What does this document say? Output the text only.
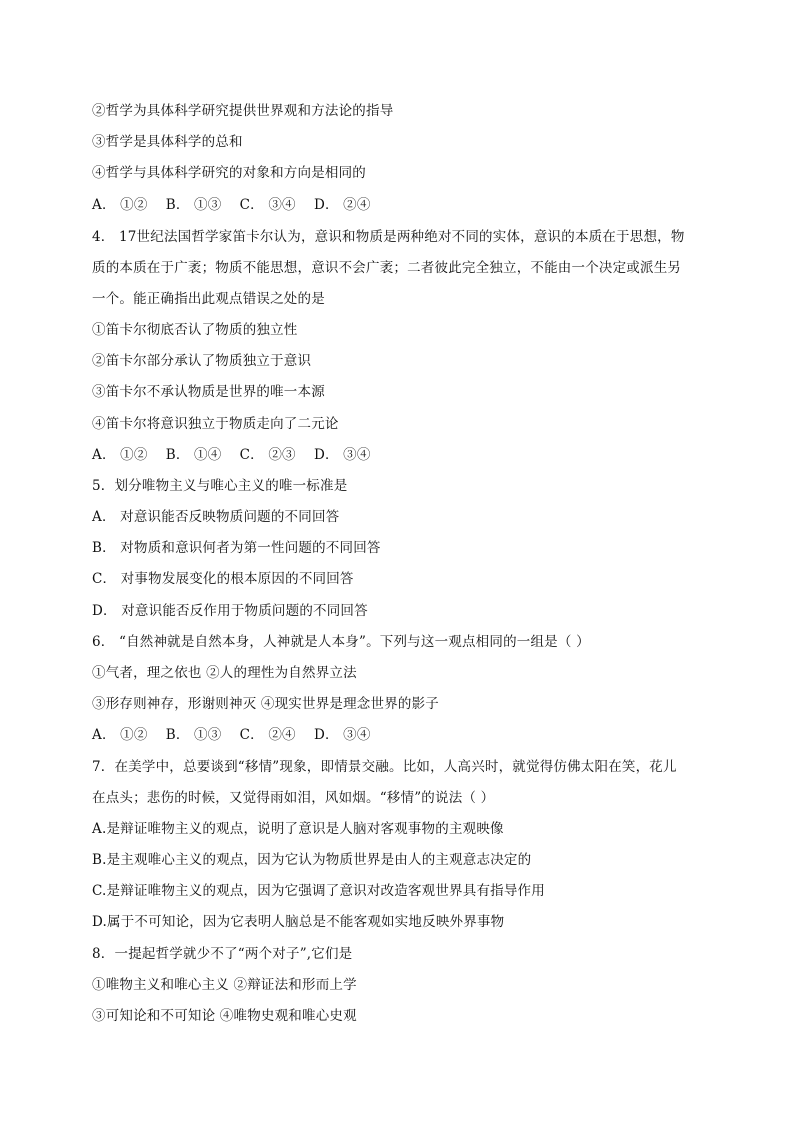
②哲学为具体科学研究提供世界观和方法论的指导
③哲学是具体科学的总和
④哲学与具体科学研究的对象和方向是相同的
A． ①②　 B． ①③　 C． ③④　 D． ②④
4． 17世纪法国哲学家笛卡尔认为，意识和物质是两种绝对不同的实体，意识的本质在于思想，物
质的本质在于广袤；物质不能思想，意识不会广袤；二者彼此完全独立，不能由一个决定或派生另
一个。能正确指出此观点错误之处的是
①笛卡尔彻底否认了物质的独立性
②笛卡尔部分承认了物质独立于意识
③笛卡尔不承认物质是世界的唯一本源
④笛卡尔将意识独立于物质走向了二元论
A． ①②　 B． ①④　 C． ②③　 D． ③④
5．划分唯物主义与唯心主义的唯一标准是
A． 对意识能否反映物质问题的不同回答
B． 对物质和意识何者为第一性问题的不同回答
C． 对事物发展变化的根本原因的不同回答
D． 对意识能否反作用于物质问题的不同回答
6． “自然神就是自然本身，人神就是人本身”。下列与这一观点相同的一组是（ ）
①气者，理之依也 ②人的理性为自然界立法
③形存则神存，形谢则神灭 ④现实世界是理念世界的影子
A． ①②　 B． ①③　 C． ②④　 D． ③④
7．在美学中，总要谈到“移情”现象，即情景交融。比如，人高兴时，就觉得仿佛太阳在笑，花儿
在点头；悲伤的时候，又觉得雨如泪，风如烟。“移情”的说法（ ）
A.是辩证唯物主义的观点，说明了意识是人脑对客观事物的主观映像
B.是主观唯心主义的观点，因为它认为物质世界是由人的主观意志决定的
C.是辩证唯物主义的观点，因为它强调了意识对改造客观世界具有指导作用
D.属于不可知论，因为它表明人脑总是不能客观如实地反映外界事物
8．一提起哲学就少不了“两个对子”,它们是
①唯物主义和唯心主义 ②辩证法和形而上学
③可知论和不可知论 ④唯物史观和唯心史观
